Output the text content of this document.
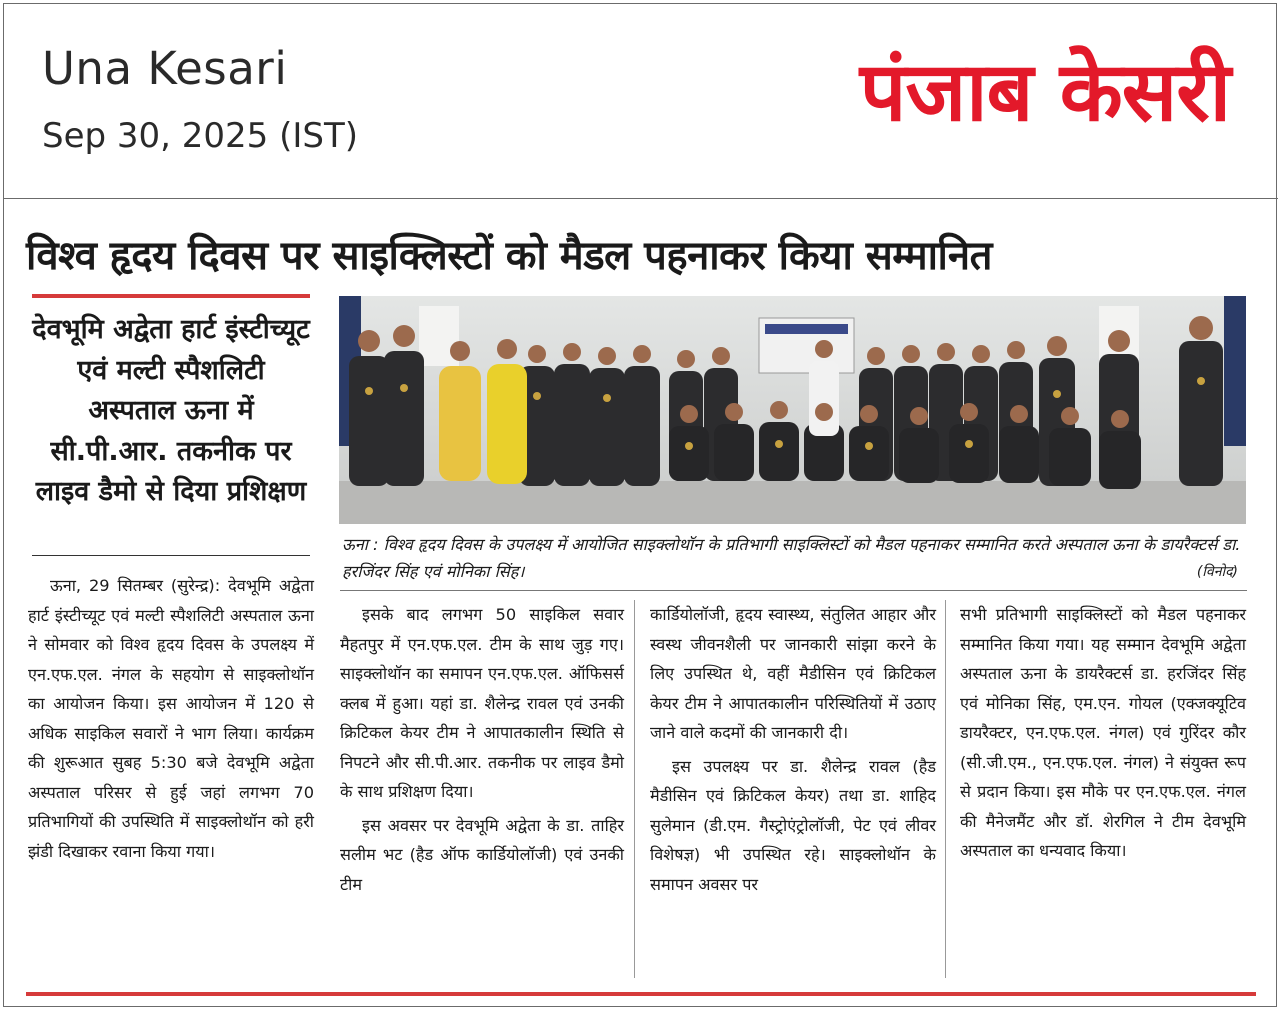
Una Kesari
Sep 30, 2025 (IST)	पंजाब केसरी
विश्व हृदय दिवस पर साइक्लिस्टों को मैडल पहनाकर किया सम्मानित
देवभूमि अद्वेता हार्ट इंस्टीच्यूट एवं मल्टी स्पैशलिटी अस्पताल ऊना में सी.पी.आर. तकनीक पर लाइव डैमो से दिया प्रशिक्षण
ऊना : विश्व हृदय दिवस के उपलक्ष्य में आयोजित साइक्लोथॉन के प्रतिभागी साइक्लिस्टों को मैडल पहनाकर सम्मानित करते अस्पताल ऊना के डायरैक्टर्स डा. हरजिंदर सिंह एवं मोनिका सिंह।	(विनोद)

ऊना, 29 सितम्बर (सुरेन्द्र): देवभूमि अद्वेता हार्ट इंस्टीच्यूट एवं मल्टी स्पैशलिटी अस्पताल ऊना ने सोमवार को विश्व हृदय दिवस के उपलक्ष्य में एन.एफ.एल. नंगल के सहयोग से साइक्लोथॉन का आयोजन किया। इस आयोजन में 120 से अधिक साइकिल सवारों ने भाग लिया। कार्यक्रम की शुरूआत सुबह 5:30 बजे देवभूमि अद्वेता अस्पताल परिसर से हुई जहां लगभग 70 प्रतिभागियों की उपस्थिति में साइक्लोथॉन को हरी झंडी दिखाकर रवाना किया गया।

इसके बाद लगभग 50 साइकिल सवार मैहतपुर में एन.एफ.एल. टीम के साथ जुड़ गए। साइक्लोथॉन का समापन एन.एफ.एल. ऑफिसर्स क्लब में हुआ। यहां डा. शैलेन्द्र रावल एवं उनकी क्रिटिकल केयर टीम ने आपातकालीन स्थिति से निपटने और सी.पी.आर. तकनीक पर लाइव डैमो के साथ प्रशिक्षण दिया।

इस अवसर पर देवभूमि अद्वेता के डा. ताहिर सलीम भट (हैड ऑफ कार्डियोलॉजी) एवं उनकी टीम

कार्डियोलॉजी, हृदय स्वास्थ्य, संतुलित आहार और स्वस्थ जीवनशैली पर जानकारी सांझा करने के लिए उपस्थित थे, वहीं मैडीसिन एवं क्रिटिकल केयर टीम ने आपातकालीन परिस्थितियों में उठाए जाने वाले कदमों की जानकारी दी।

इस उपलक्ष्य पर डा. शैलेन्द्र रावल (हैड मैडीसिन एवं क्रिटिकल केयर) तथा डा. शाहिद सुलेमान (डी.एम. गैस्ट्रोएंट्रोलॉजी, पेट एवं लीवर विशेषज्ञ) भी उपस्थित रहे। साइक्लोथॉन के समापन अवसर पर

सभी प्रतिभागी साइक्लिस्टों को मैडल पहनाकर सम्मानित किया गया। यह सम्मान देवभूमि अद्वेता अस्पताल ऊना के डायरैक्टर्स डा. हरजिंदर सिंह एवं मोनिका सिंह, एम.एन. गोयल (एक्जक्यूटिव डायरैक्टर, एन.एफ.एल. नंगल) एवं गुरिंदर कौर (सी.जी.एम., एन.एफ.एल. नंगल) ने संयुक्त रूप से प्रदान किया। इस मौके पर एन.एफ.एल. नंगल की मैनेजमैंट और डॉ. शेरगिल ने टीम देवभूमि अस्पताल का धन्यवाद किया।
